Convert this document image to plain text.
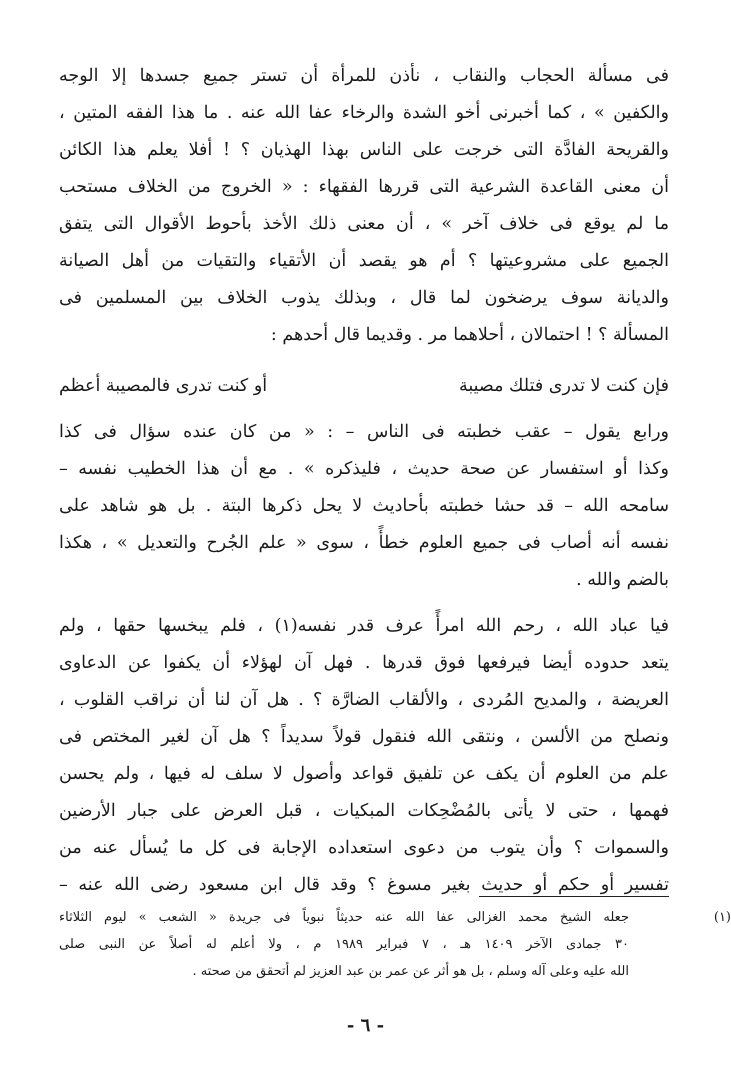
فى مسألة الحجاب والنقاب ، نأذن للمرأة أن تستر جميع جسدها إلا الوجه
والكفين » ، كما أخبرنى أخو الشدة والرخاء عفا الله عنه . ما هذا الفقه المتين ،
والقريحة الفادَّة التى خرجت على الناس بهذا الهذيان ؟ ! أفلا يعلم هذا الكائن
أن معنى القاعدة الشرعية التى قررها الفقهاء : « الخروج من الخلاف مستحب
ما لم يوقع فى خلاف آخر » ، أن معنى ذلك الأخذ بأحوط الأقوال التى يتفق
الجميع على مشروعيتها ؟ أم هو يقصد أن الأتقياء والتقيات من أهل الصيانة
والديانة سوف يرضخون لما قال ، وبذلك يذوب الخلاف بين المسلمين فى
المسألة ؟ ! احتمالان ، أحلاهما مر . وقديما قال أحدهم :
فإن كنت لا تدرى فتلك مصيبة
أو كنت تدرى فالمصيبة أعظم
ورابع يقول – عقب خطبته فى الناس – : « من كان عنده سؤال فى كذا
وكذا أو استفسار عن صحة حديث ، فليذكره » . مع أن هذا الخطيب نفسه –
سامحه الله – قد حشا خطبته بأحاديث لا يحل ذكرها البتة . بل هو شاهد على
نفسه أنه أصاب فى جميع العلوم خطأً ، سوى « علم الجُرح والتعديل » ، هكذا
بالضم والله .
فيا عباد الله ، رحم الله امرأً عرف قدر نفسه(١) ، فلم يبخسها حقها ، ولم
يتعد حدوده أيضا فيرفعها فوق قدرها . فهل آن لهؤلاء أن يكفوا عن الدعاوى
العريضة ، والمديح المُردى ، والألقاب الضارَّة ؟ . هل آن لنا أن نراقب القلوب ،
ونصلح من الألسن ، ونتقى الله فنقول قولاً سديداً ؟ هل آن لغير المختص فى
علم من العلوم أن يكف عن تلفيق قواعد وأصول لا سلف له فيها ، ولم يحسن
فهمها ، حتى لا يأتى بالمُضْحِكات المبكيات ، قبل العرض على جبار الأرضين
والسموات ؟ وأن يتوب من دعوى استعداده الإجابة فى كل ما يُسأل عنه من
تفسير أو حكم أو حديث بغير مسوغ ؟ وقد قال ابن مسعود رضى الله عنه –
(١)
جعله الشيخ محمد الغزالى عفا الله عنه حديثاً نبوياً فى جريدة « الشعب » ليوم الثلاثاء
٣٠ جمادى الآخر ١٤٠٩ هـ ، ٧ فبراير ١٩٨٩ م ، ولا أعلم له أصلاً عن النبى صلى
الله عليه وعلى آله وسلم ، بل هو أثر عن عمر بن عبد العزيز لم أتحقق من صحته .
- ٦ -
